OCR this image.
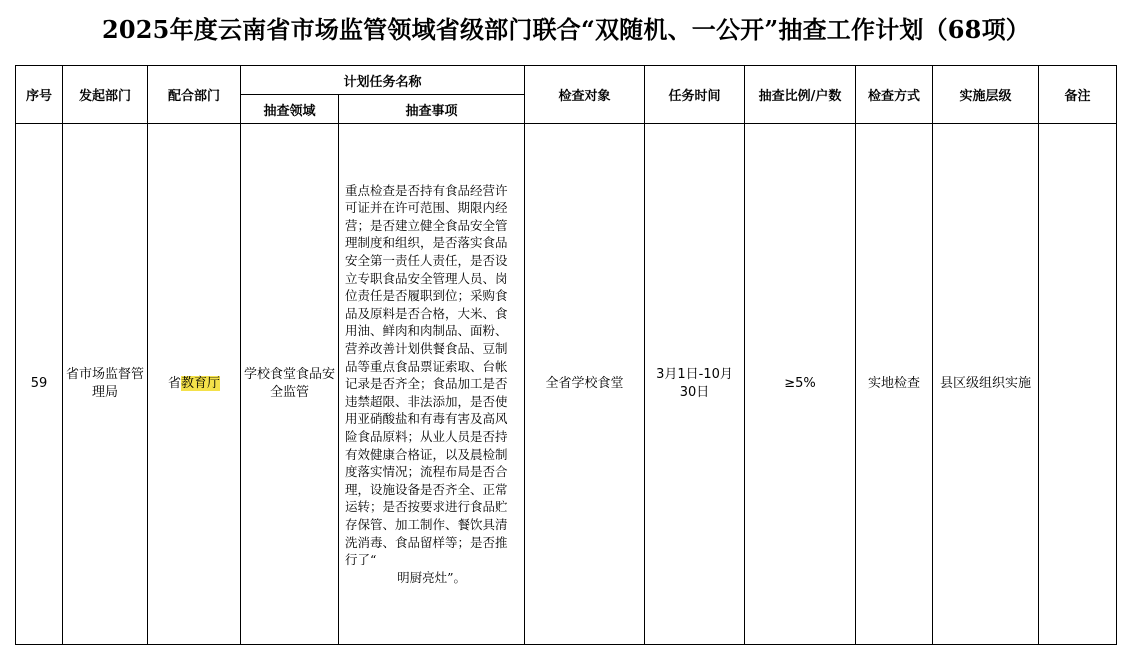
2025年度云南省市场监管领域省级部门联合“双随机、一公开”抽查工作计划（68项）
序号	发起部门	配合部门	计划任务名称		检查对象	任务时间	抽查比例/户数	检查方式	实施层级	备注
			抽查领域	抽查事项						

59	省市场监督管理局	省教育厅	学校食堂食品安全监管	重点检查是否持有食品经营许可证并在许可范围、期限内经营；是否建立健全食品安全管理制度和组织，是否落实食品安全第一责任人责任，是否设立专职食品安全管理人员、岗位责任是否履职到位；采购食品及原料是否合格，大米、食用油、鲜肉和肉制品、面粉、营养改善计划供餐食品、豆制品等重点食品票证索取、台帐记录是否齐全；食品加工是否违禁超限、非法添加，是否使用亚硝酸盐和有毒有害及高风险食品原料；从业人员是否持有效健康合格证，以及晨检制度落实情况；流程布局是否合理，设施设备是否齐全、正常运转；是否按要求进行食品贮存保管、加工制作、餐饮具清洗消毒、食品留样等；是否推行了“
明厨亮灶”。	全省学校食堂	3月1日-10月30日	≥5%	实地检查	县区级组织实施	
